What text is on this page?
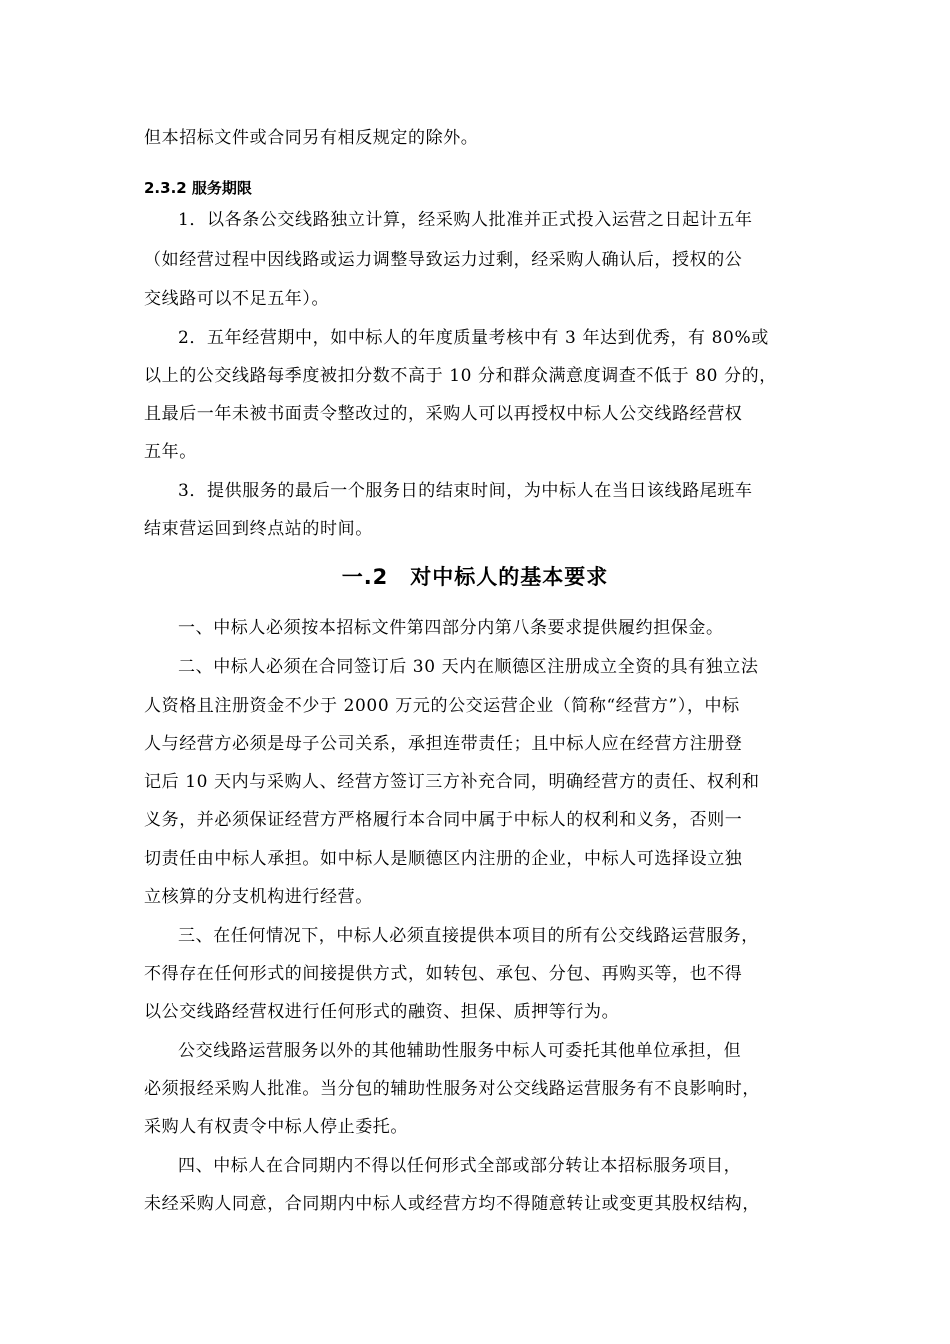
但本招标文件或合同另有相反规定的除外。
2.3.2 服务期限
1．以各条公交线路独立计算，经采购人批准并正式投入运营之日起计五年
（如经营过程中因线路或运力调整导致运力过剩，经采购人确认后，授权的公
交线路可以不足五年）。
2．五年经营期中，如中标人的年度质量考核中有 3 年达到优秀，有 80%或
以上的公交线路每季度被扣分数不高于 10 分和群众满意度调查不低于 80 分的，
且最后一年未被书面责令整改过的，采购人可以再授权中标人公交线路经营权
五年。
3．提供服务的最后一个服务日的结束时间，为中标人在当日该线路尾班车
结束营运回到终点站的时间。
一.2　对中标人的基本要求
一、中标人必须按本招标文件第四部分内第八条要求提供履约担保金。
二、中标人必须在合同签订后 30 天内在顺德区注册成立全资的具有独立法
人资格且注册资金不少于 2000 万元的公交运营企业（简称“经营方”），中标
人与经营方必须是母子公司关系，承担连带责任；且中标人应在经营方注册登
记后 10 天内与采购人、经营方签订三方补充合同，明确经营方的责任、权利和
义务，并必须保证经营方严格履行本合同中属于中标人的权利和义务，否则一
切责任由中标人承担。如中标人是顺德区内注册的企业，中标人可选择设立独
立核算的分支机构进行经营。
三、在任何情况下，中标人必须直接提供本项目的所有公交线路运营服务，
不得存在任何形式的间接提供方式，如转包、承包、分包、再购买等，也不得
以公交线路经营权进行任何形式的融资、担保、质押等行为。
公交线路运营服务以外的其他辅助性服务中标人可委托其他单位承担，但
必须报经采购人批准。当分包的辅助性服务对公交线路运营服务有不良影响时，
采购人有权责令中标人停止委托。
四、中标人在合同期内不得以任何形式全部或部分转让本招标服务项目，
未经采购人同意，合同期内中标人或经营方均不得随意转让或变更其股权结构，
